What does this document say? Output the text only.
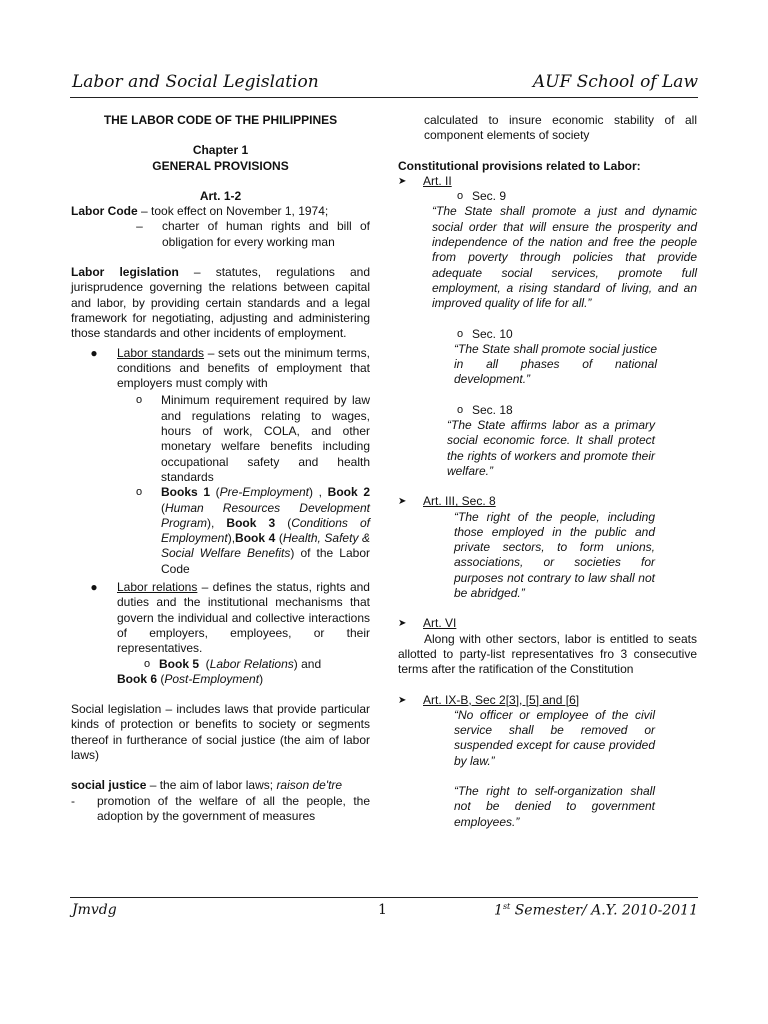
Labor and Social Legislation	AUF School of Law

THE LABOR CODE OF THE PHILIPPINES

Chapter 1

GENERAL PROVISIONS

Art. 1-2

Labor Code – took effect on November 1, 1974;

–	charter of human rights and bill of obligation for every working man

Labor legislation – statutes, regulations and jurisprudence governing the relations between capital and labor, by providing certain standards and a legal framework for negotiating, adjusting and administering those standards and other incidents of employment.

●	Labor standards – sets out the minimum terms, conditions and benefits of employment that employers must comply with
o	Minimum requirement required by law and regulations relating to wages, hours of work, COLA, and other monetary welfare benefits including occupational safety and health standards
o	Books 1 (Pre-Employment) , Book 2 (Human Resources Development Program), Book 3 (Conditions of Employment),Book 4 (Health, Safety & Social Welfare Benefits) of the Labor Code
●	Labor relations – defines the status, rights and duties and the institutional mechanisms that govern the individual and collective interactions of employers, employees, or their representatives.
o Book 5  (Labor Relations) and

Book 6 (Post-Employment)

Social legislation – includes laws that provide particular kinds of protection or benefits to society or segments thereof in furtherance of social justice (the aim of labor laws)

social justice – the aim of labor laws; raison de'tre

-	promotion of the welfare of all the people, the adoption by the government of measures

calculated to insure economic stability of all component elements of society

Constitutional provisions related to Labor:

➤	Art. II
o Sec. 9

“The State shall promote a just and dynamic social order that will ensure the prosperity and independence of the nation and free the people from poverty through policies that provide adequate social services, promote full employment, a rising standard of living, and an improved quality of life for all.”

o Sec. 10

“The State shall promote social justice in all phases of national development.”

o Sec. 18

“The State affirms labor as a primary social economic force. It shall protect the rights of workers and promote their welfare.”

➤	Art. III, Sec. 8

“The right of the people, including those employed in the public and private sectors, to form unions, associations, or societies for purposes not contrary to law shall not be abridged.”

➤	Art. VI

Along with other sectors, labor is entitled to seats allotted to party-list representatives fro 3 consecutive terms after the ratification of the Constitution

➤	Art. IX-B, Sec 2[3], [5] and [6]

“No officer or employee of the civil service shall be removed or suspended except for cause provided by law.”

“The right to self-organization shall not be denied to government employees.”

Jmvdg	1	1st Semester/ A.Y. 2010-2011
